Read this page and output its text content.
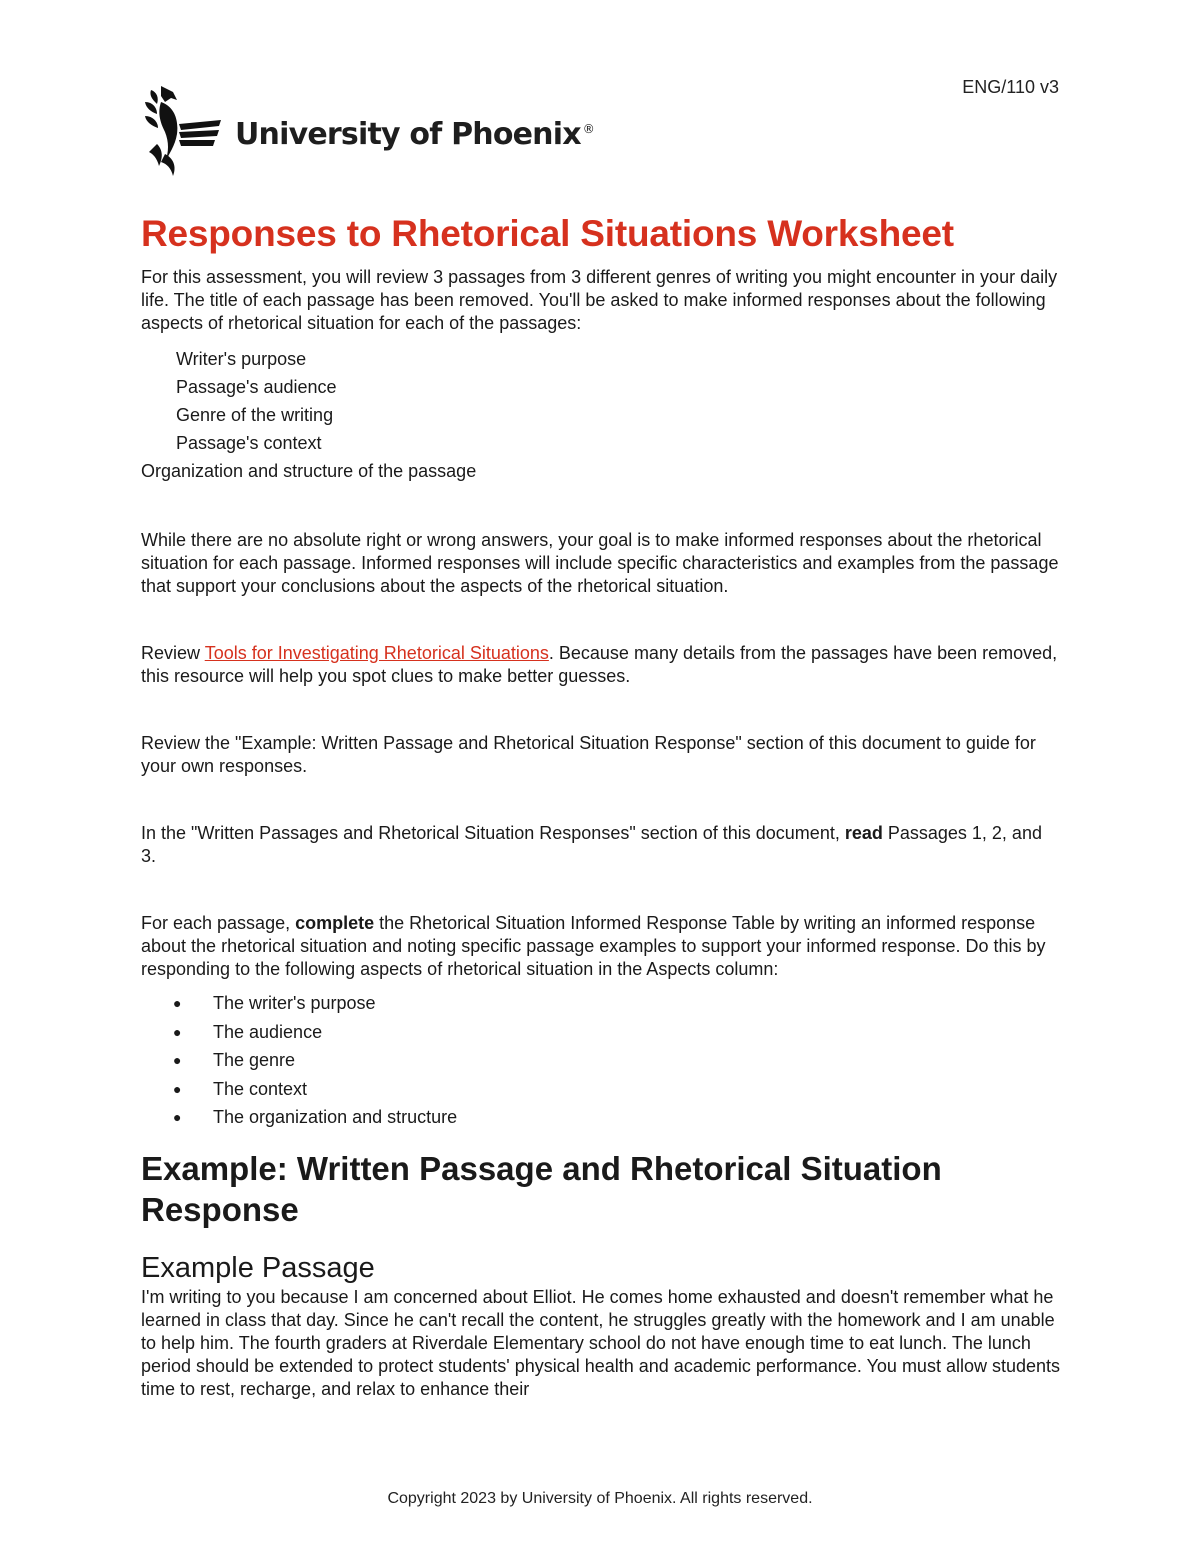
ENG/110 v3
University of Phoenix ®
Responses to Rhetorical Situations Worksheet

For this assessment, you will review 3 passages from 3 different genres of writing you might encounter in your daily life. The title of each passage has been removed. You'll be asked to make informed responses about the following aspects of rhetorical situation for each of the passages:

Writer's purpose
Passage's audience
Genre of the writing
Passage's context
Organization and structure of the passage

While there are no absolute right or wrong answers, your goal is to make informed responses about the rhetorical situation for each passage. Informed responses will include specific characteristics and examples from the passage that support your conclusions about the aspects of the rhetorical situation.

Review Tools for Investigating Rhetorical Situations. Because many details from the passages have been removed, this resource will help you spot clues to make better guesses.

Review the "Example: Written Passage and Rhetorical Situation Response" section of this document to guide for your own responses.

In the "Written Passages and Rhetorical Situation Responses" section of this document, read Passages 1, 2, and 3.

For each passage, complete the Rhetorical Situation Informed Response Table by writing an informed response about the rhetorical situation and noting specific passage examples to support your informed response. Do this by responding to the following aspects of rhetorical situation in the Aspects column:

● The writer's purpose
● The audience
● The genre
● The context
● The organization and structure
Example: Written Passage and Rhetorical Situation Response
Example Passage

I'm writing to you because I am concerned about Elliot. He comes home exhausted and doesn't remember what he learned in class that day. Since he can't recall the content, he struggles greatly with the homework and I am unable to help him. The fourth graders at Riverdale Elementary school do not have enough time to eat lunch. The lunch period should be extended to protect students' physical health and academic performance. You must allow students time to rest, recharge, and relax to enhance their

Copyright 2023 by University of Phoenix. All rights reserved.
